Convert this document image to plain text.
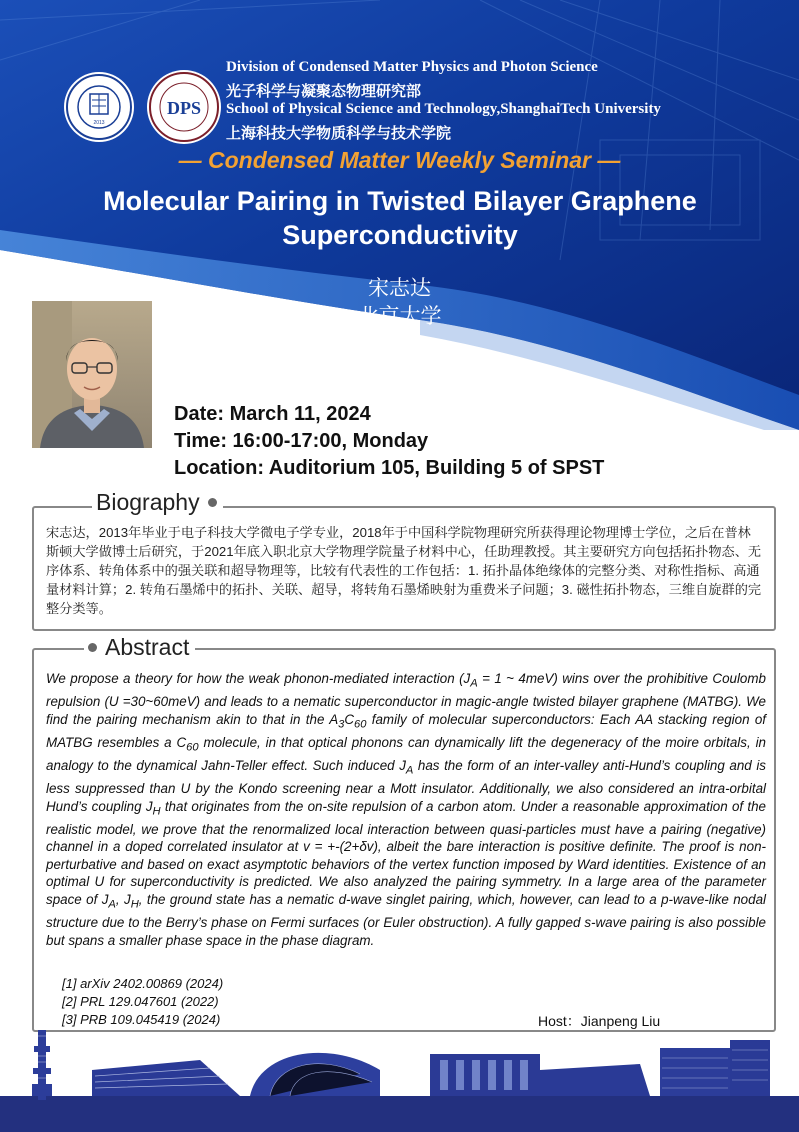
2013
DPS
Division of Condensed Matter Physics and Photon Science
光子科学与凝聚态物理研究部
School of Physical Science and Technology,ShanghaiTech University
上海科技大学物质科学与技术学院
— Condensed Matter Weekly Seminar —
Molecular Pairing in Twisted Bilayer Graphene Superconductivity
宋志达
北京大学
Date: March 11, 2024
Time: 16:00-17:00, Monday
Location: Auditorium 105, Building 5 of SPST
Biography
宋志达，2013年毕业于电子科技大学微电子学专业，2018年于中国科学院物理研究所获得理论物理博士学位，之后在普林斯顿大学做博士后研究，于2021年底入职北京大学物理学院量子材料中心，任助理教授。其主要研究方向包括拓扑物态、无序体系、转角体系中的强关联和超导物理等，比较有代表性的工作包括：1. 拓扑晶体绝缘体的完整分类、对称性指标、高通量材料计算；2. 转角石墨烯中的拓扑、关联、超导，将转角石墨烯映射为重费米子问题；3. 磁性拓扑物态，三维自旋群的完整分类等。
Abstract
We propose a theory for how the weak phonon-mediated interaction ($J_A = 1$ ~ 4meV) wins over the prohibitive Coulomb repulsion (U =30~60meV) and leads to a nematic superconductor in magic-angle twisted bilayer graphene (MATBG). We find the pairing mechanism akin to that in the $A_3C_{60}$ family of molecular superconductors: Each AA stacking region of MATBG resembles a $C_{60}$ molecule, in that optical phonons can dynamically lift the degeneracy of the moire orbitals, in analogy to the dynamical Jahn-Teller effect. Such induced $J_A$ has the form of an inter-valley anti-Hund’s coupling and is less suppressed than U by the Kondo screening near a Mott insulator. Additionally, we also considered an intra-orbital Hund’s coupling $J_H$ that originates from the on-site repulsion of a carbon atom. Under a reasonable approximation of the realistic model, we prove that the renormalized local interaction between quasi-particles must have a pairing (negative) channel in a doped correlated insulator at v = +-(2+δv), albeit the bare interaction is positive definite. The proof is non-perturbative and based on exact asymptotic behaviors of the vertex function imposed by Ward identities. Existence of an optimal U for superconductivity is predicted. We also analyzed the pairing symmetry. In a large area of the parameter space of $J_A$, $J_H$, the ground state has a nematic d-wave singlet pairing, which, however, can lead to a p-wave-like nodal structure due to the Berry’s phase on Fermi surfaces (or Euler obstruction). A fully gapped s-wave pairing is also possible but spans a smaller phase space in the phase diagram.
[1] arXiv 2402.00869 (2024)
[2] PRL 129.047601 (2022)
[3] PRB 109.045419 (2024)	Host：Jianpeng Liu
